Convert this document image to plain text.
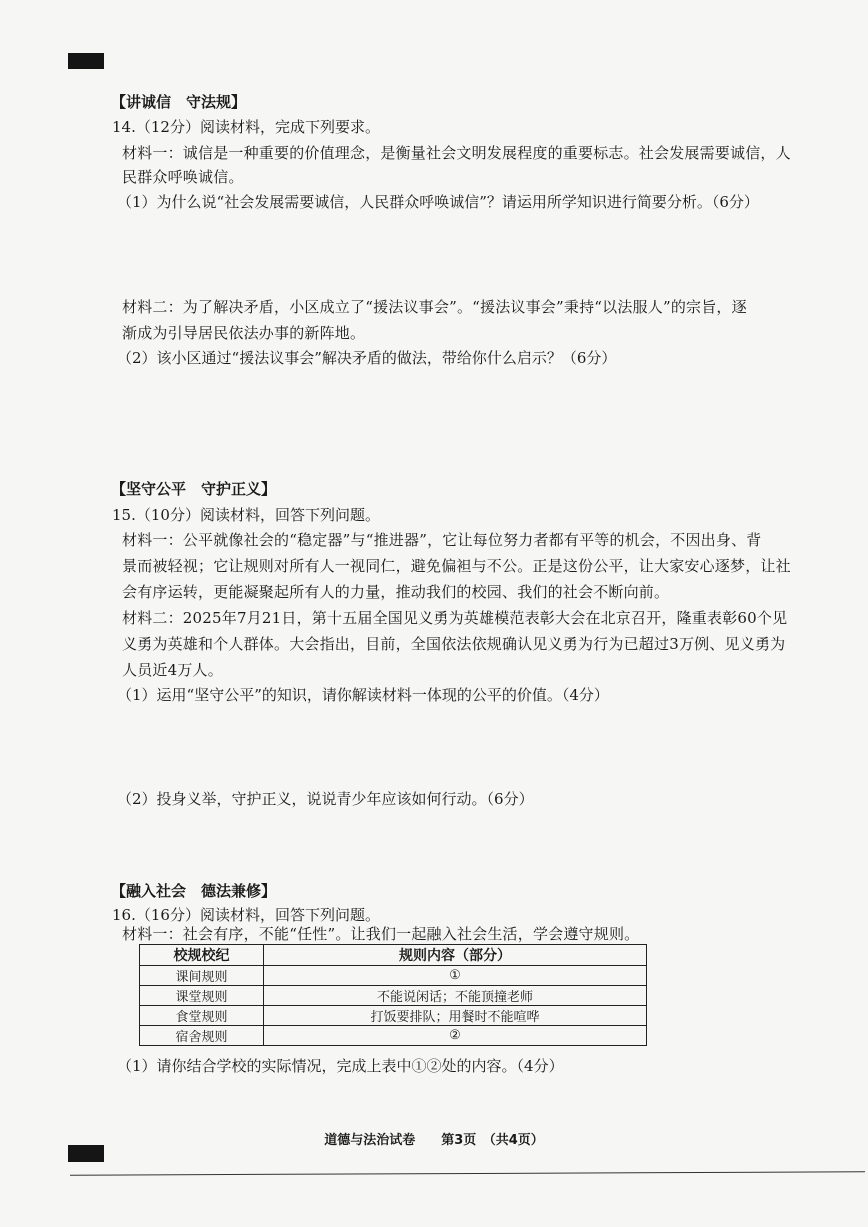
【讲诚信　守法规】
14.（12分）阅读材料，完成下列要求。
材料一：诚信是一种重要的价值理念，是衡量社会文明发展程度的重要标志。社会发展需要诚信，人
民群众呼唤诚信。
（1）为什么说“社会发展需要诚信，人民群众呼唤诚信”？请运用所学知识进行简要分析。（6分）
材料二：为了解决矛盾，小区成立了“援法议事会”。“援法议事会”秉持“以法服人”的宗旨，逐
渐成为引导居民依法办事的新阵地。
（2）该小区通过“援法议事会”解决矛盾的做法，带给你什么启示？（6分）
【坚守公平　守护正义】
15.（10分）阅读材料，回答下列问题。
材料一：公平就像社会的“稳定器”与“推进器”，它让每位努力者都有平等的机会，不因出身、背
景而被轻视；它让规则对所有人一视同仁，避免偏袒与不公。正是这份公平，让大家安心逐梦，让社
会有序运转，更能凝聚起所有人的力量，推动我们的校园、我们的社会不断向前。
材料二：2025年7月21日，第十五届全国见义勇为英雄模范表彰大会在北京召开，隆重表彰60个见
义勇为英雄和个人群体。大会指出，目前，全国依法依规确认见义勇为行为已超过3万例、见义勇为
人员近4万人。
（1）运用“坚守公平”的知识，请你解读材料一体现的公平的价值。（4分）
（2）投身义举，守护正义，说说青少年应该如何行动。（6分）
【融入社会　德法兼修】
16.（16分）阅读材料，回答下列问题。
材料一：社会有序，不能“任性”。让我们一起融入社会生活，学会遵守规则。
校规校纪	规则内容（部分）
课间规则	①
课堂规则	不能说闲话；不能顶撞老师
食堂规则	打饭要排队；用餐时不能喧哗
宿舍规则	②
（1）请你结合学校的实际情况，完成上表中①②处的内容。（4分）
道德与法治试卷　　第3页　（共4页）
